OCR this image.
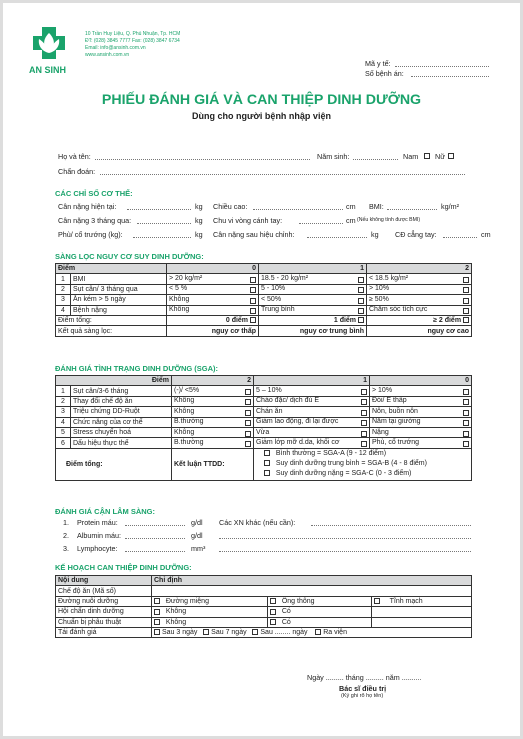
AN SINH
10 Trần Huy Liệu, Q. Phú Nhuận, Tp. HCM
ĐT: (028) 3845 7777 Fax: (028) 3847 6734
Email: info@ansinh.com.vn
www.ansinh.com.vn
Mã y tế:
Số bệnh án:
PHIẾU ĐÁNH GIÁ VÀ CAN THIỆP DINH DƯỠNG
Dùng cho người bệnh nhập viện
Họ và tên:	Năm sinh:	Nam Nữ
Chẩn đoán:
CÁC CHỈ SỐ CƠ THỂ:
Cân nặng hiện tại:	kg Chiều cao:	cm BMI:	kg/m²
Cân nặng 3 tháng qua:	kg Chu vi vòng cánh tay:	cm (Nếu không tính được BMI)
Phù/ cổ trướng (kg):	kg Cân nặng sau hiệu chỉnh:	kg CĐ cẳng tay:	cm
SÀNG LỌC NGUY CƠ SUY DINH DƯỠNG:
Điểm		0	1	2
1	BMI	> 20 kg/m²	18.5 - 20 kg/m²	< 18.5 kg/m²

2	Sụt cân/ 3 tháng qua	< 5 %	5 - 10%	> 10%

3	Ăn kém > 5 ngày	Không	< 50%	≥ 50%

4	Bệnh nặng	Không	Trung bình	Chăm sóc tích cực

Điểm tổng:		0 điểm	1 điểm	≥ 2 điểm
Kết quả sàng lọc:		nguy cơ thấp	nguy cơ trung bình	nguy cơ cao
ĐÁNH GIÁ TÌNH TRẠNG DINH DƯỠNG (SGA):
Điểm		2	1	0
1	Sụt cân/3-6 tháng	(-)/ <5%	5 – 10%	> 10%

2	Thay đổi chế độ ăn	Không	Cháo đặc/ dịch đủ E	Đói/ E thấp

3	Triệu chứng DD-Ruột	Không	Chán ăn	Nôn, buồn nôn

4	Chức năng của cơ thể	B.thường	Giảm lao động, đi lại được	Nằm tại giường

5	Stress chuyển hoá	Không	Vừa	Nặng

6	Dấu hiệu thực thể	B.thường	Giảm lớp mỡ d.da, khối cơ	Phù, cổ trướng

Điểm tổng:		Kết luận TTDD:	Bình thường = SGA-A (9 - 12 điểm)
Suy dinh dưỡng trung bình = SGA-B (4 - 8 điểm)
Suy dinh dưỡng nặng = SGA-C (0 - 3 điểm)	
ĐÁNH GIÁ CẬN LÂM SÀNG:
1. Protein máu:	g/dl Các XN khác (nếu cần):
2. Albumin máu:	g/dl
3. Lymphocyte:	mm³
KẾ HOẠCH CAN THIỆP DINH DƯỠNG:
Nội dung	Chỉ định		
Chế độ ăn (Mã số)			
Đường nuôi dưỡng	Đường miệng	Ống thông	Tĩnh mạch
Hội chẩn dinh dưỡng	Không	Có	
Chuẩn bị phẫu thuật	Không	Có	
Tái đánh giá	Sau 3 ngày Sau 7 ngày Sau ........ ngày Ra viện		
Ngày ......... tháng ......... năm ..........
Bác sĩ điều trị
(Ký ghi rõ họ tên)
